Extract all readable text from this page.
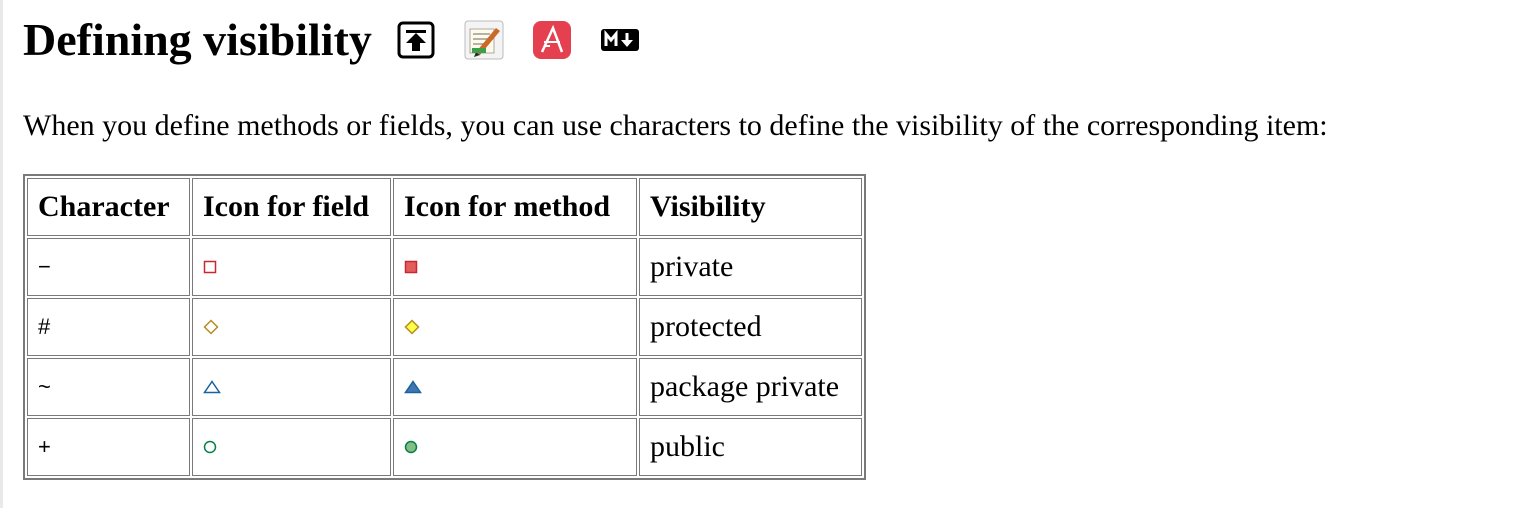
Defining visibility

When you define methods or fields, you can use characters to define the visibility of the corresponding item:

Character	Icon for field	Icon for method	Visibility
−			private
#			protected
~			package private
+			public
